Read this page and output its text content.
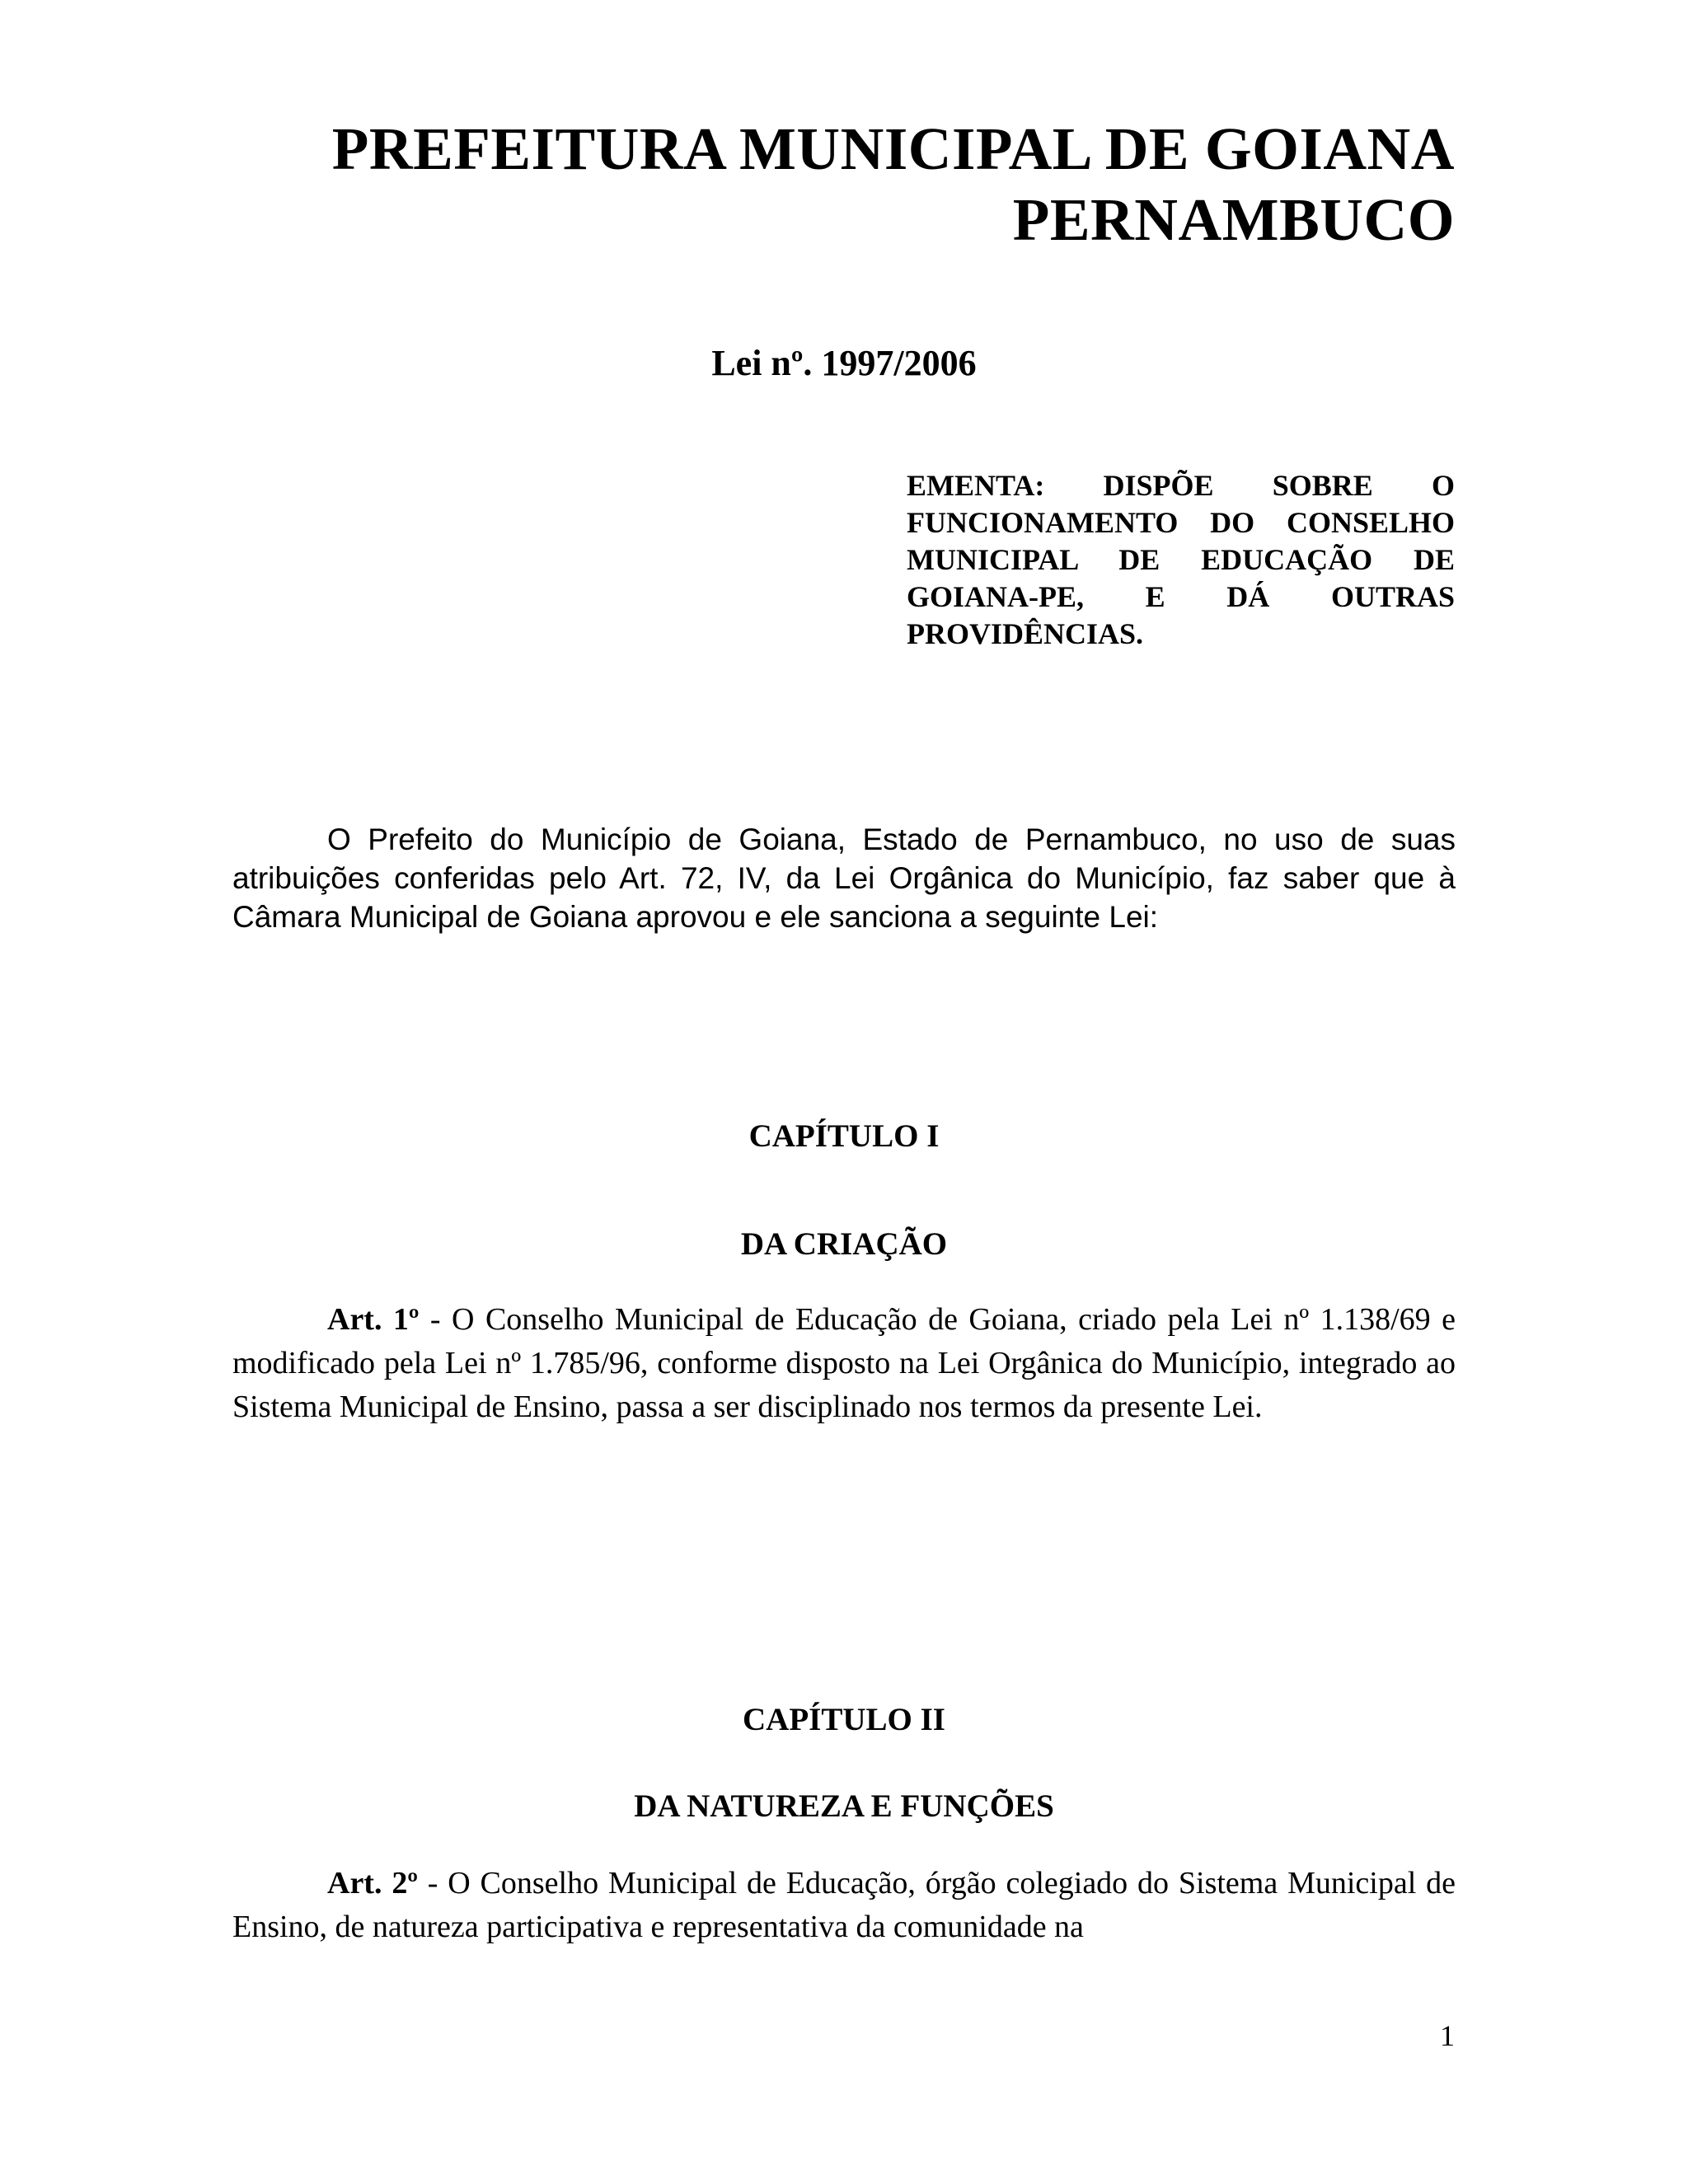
PREFEITURA MUNICIPAL DE GOIANA
PERNAMBUCO
Lei nº. 1997/2006
EMENTA: DISPÕE SOBRE O FUNCIONAMENTO DO CONSELHO MUNICIPAL DE EDUCAÇÃO DE GOIANA-PE, E DÁ OUTRAS PROVIDÊNCIAS.
O Prefeito do Município de Goiana, Estado de Pernambuco, no uso de suas atribuições conferidas pelo Art. 72, IV, da Lei Orgânica do Município, faz saber que à Câmara Municipal de Goiana aprovou e ele sanciona a seguinte Lei:
CAPÍTULO I
DA CRIAÇÃO
Art. 1º - O Conselho Municipal de Educação de Goiana, criado pela Lei nº 1.138/69 e modificado pela Lei nº 1.785/96, conforme disposto na Lei Orgânica do Município, integrado ao Sistema Municipal de Ensino, passa a ser disciplinado nos termos da presente Lei.
CAPÍTULO II
DA NATUREZA E FUNÇÕES
Art. 2º - O Conselho Municipal de Educação, órgão colegiado do Sistema Municipal de Ensino, de natureza participativa e representativa da comunidade na
1
